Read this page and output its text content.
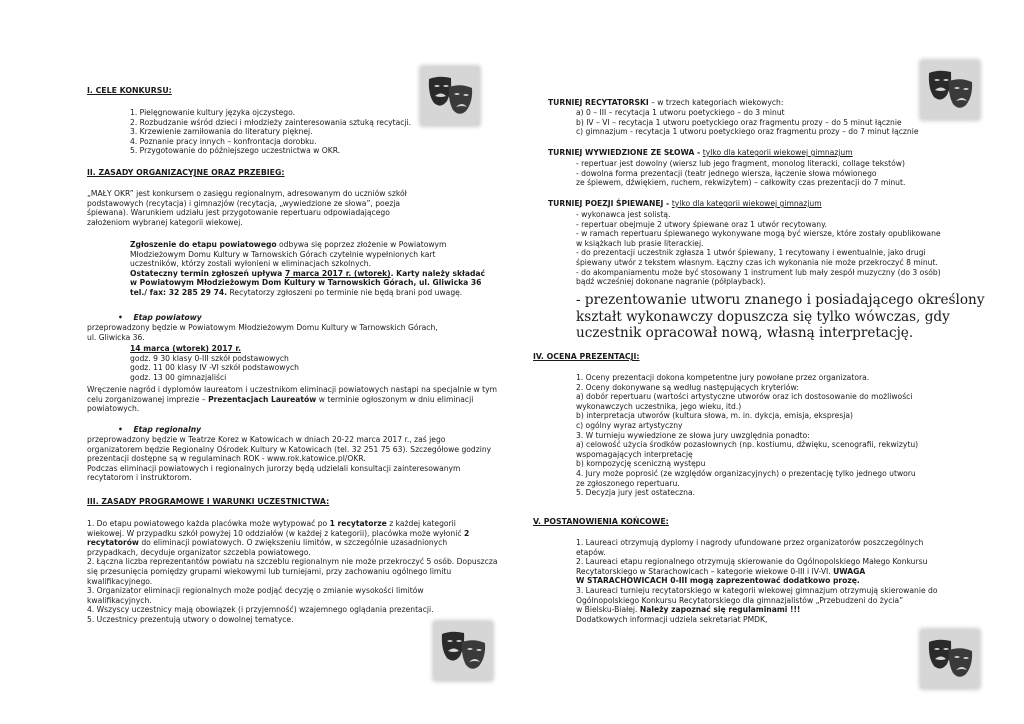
I. CELE KONKURSU:
1. Pielęgnowanie kultury języka ojczystego.
2. Rozbudzanie wśród dzieci i młodzieży zainteresowania sztuką recytacji.
3. Krzewienie zamiłowania do literatury pięknej.
4. Poznanie pracy innych – konfrontacja dorobku.
5. Przygotowanie do późniejszego uczestnictwa w OKR.
II. ZASADY ORGANIZACYJNE ORAZ PRZEBIEG:
„MAŁY OKR” jest konkursem o zasięgu regionalnym, adresowanym do uczniów szkół
podstawowych (recytacja) i gimnazjów (recytacja, „wywiedzione ze słowa”, poezja
śpiewana). Warunkiem udziału jest przygotowanie repertuaru odpowiadającego
założeniom wybranej kategorii wiekowej.
Zgłoszenie do etapu powiatowego odbywa się poprzez złożenie w Powiatowym
Młodzieżowym Domu Kultury w Tarnowskich Górach czytelnie wypełnionych kart
uczestników, którzy zostali wyłonieni w eliminacjach szkolnych.
Ostateczny termin zgłoszeń upływa 7 marca 2017 r. (wtorek). Karty należy składać
w Powiatowym Młodzieżowym Dom Kultury w Tarnowskich Górach, ul. Gliwicka 36
tel./ fax: 32 285 29 74. Recytatorzy zgłoszeni po terminie nie będą brani pod uwagę.
•    Etap powiatowy
przeprowadzony będzie w Powiatowym Młodzieżowym Domu Kultury w Tarnowskich Górach,
ul. Gliwicka 36.
14 marca (wtorek) 2017 r.
godz. 9 30 klasy 0-III szkół podstawowych
godz. 11 00 klasy IV -VI szkół podstawowych
godz. 13 00 gimnazjaliści
Wręczenie nagród i dyplomów laureatom i uczestnikom eliminacji powiatowych nastąpi na specjalnie w tym
celu zorganizowanej imprezie – Prezentacjach Laureatów w terminie ogłoszonym w dniu eliminacji
powiatowych.
•    Etap regionalny
przeprowadzony będzie w Teatrze Korez w Katowicach w dniach 20-22 marca 2017 r., zaś jego
organizatorem będzie Regionalny Ośrodek Kultury w Katowicach (tel. 32 251 75 63). Szczegółowe godziny
prezentacji dostępne są w regulaminach ROK - www.rok.katowice.pl/OKR.
Podczas eliminacji powiatowych i regionalnych jurorzy będą udzielali konsultacji zainteresowanym
recytatorom i instruktorom.
III. ZASADY PROGRAMOWE I WARUNKI UCZESTNICTWA:
1. Do etapu powiatowego każda placówka może wytypować po 1 recytatorze z każdej kategorii
wiekowej. W przypadku szkół powyżej 10 oddziałów (w każdej z kategorii), placówka może wyłonić 2
recytatorów do eliminacji powiatowych. O zwiększeniu limitów, w szczególnie uzasadnionych
przypadkach, decyduje organizator szczebla powiatowego.
2. Łączna liczba reprezentantów powiatu na szczeblu regionalnym nie może przekroczyć 5 osób. Dopuszcza
się przesunięcia pomiędzy grupami wiekowymi lub turniejami, przy zachowaniu ogólnego limitu
kwalifikacyjnego.
3. Organizator eliminacji regionalnych może podjąć decyzję o zmianie wysokości limitów
kwalifikacyjnych.
4. Wszyscy uczestnicy mają obowiązek (i przyjemność) wzajemnego oglądania prezentacji.
5. Uczestnicy prezentują utwory o dowolnej tematyce.
TURNIEJ RECYTATORSKI – w trzech kategoriach wiekowych:
a) 0 – III – recytacja 1 utworu poetyckiego – do 3 minut
b) IV – VI – recytacja 1 utworu poetyckiego oraz fragmentu prozy – do 5 minut łącznie
c) gimnazjum - recytacja 1 utworu poetyckiego oraz fragmentu prozy – do 7 minut łącznie
TURNIEJ WYWIEDZIONE ZE SŁOWA - tylko dla kategorii wiekowej gimnazjum
- repertuar jest dowolny (wiersz lub jego fragment, monolog literacki, collage tekstów)
- dowolna forma prezentacji (teatr jednego wiersza, łączenie słowa mówionego
ze śpiewem, dźwiękiem, ruchem, rekwizytem) – całkowity czas prezentacji do 7 minut.
TURNIEJ POEZJI ŚPIEWANEJ - tylko dla kategorii wiekowej gimnazjum
- wykonawca jest solistą.
- repertuar obejmuje 2 utwory śpiewane oraz 1 utwór recytowany.
- w ramach repertuaru śpiewanego wykonywane mogą być wiersze, które zostały opublikowane
w książkach lub prasie literackiej.
- do prezentacji uczestnik zgłasza 1 utwór śpiewany, 1 recytowany i ewentualnie, jako drugi
śpiewany utwór z tekstem własnym. Łączny czas ich wykonania nie może przekroczyć 8 minut.
- do akompaniamentu może być stosowany 1 instrument lub mały zespół muzyczny (do 3 osób)
bądź wcześniej dokonane nagranie (półplayback).
- prezentowanie utworu znanego i posiadającego określony
kształt wykonawczy dopuszcza się tylko wówczas, gdy
uczestnik opracował nową, własną interpretację.
IV. OCENA PREZENTACJI:
1. Oceny prezentacji dokona kompetentne jury powołane przez organizatora.
2. Oceny dokonywane są według następujących kryteriów:
a) dobór repertuaru (wartości artystyczne utworów oraz ich dostosowanie do możliwości
wykonawczych uczestnika, jego wieku, itd.)
b) interpretacja utworów (kultura słowa, m. in. dykcja, emisja, ekspresja)
c) ogólny wyraz artystyczny
3. W turnieju wywiedzione ze słowa jury uwzględnia ponadto:
a) celowość użycia środków pozasłownych (np. kostiumu, dźwięku, scenografii, rekwizytu)
wspomagających interpretację
b) kompozycję sceniczną występu
4. Jury może poprosić (ze względów organizacyjnych) o prezentację tylko jednego utworu
ze zgłoszonego repertuaru.
5. Decyzja jury jest ostateczna.
V. POSTANOWIENIA KOŃCOWE:
1. Laureaci otrzymują dyplomy i nagrody ufundowane przez organizatorów poszczególnych
etapów.
2. Laureaci etapu regionalnego otrzymują skierowanie do Ogólnopolskiego Małego Konkursu
Recytatorskiego w Starachowicach – kategorie wiekowe 0-III i IV-VI. UWAGA
W STARACHOWICACH 0-III mogą zaprezentować dodatkowo prozę.
3. Laureaci turnieju recytatorskiego w kategorii wiekowej gimnazjum otrzymują skierowanie do
Ogólnopolskiego Konkursu Recytatorskiego dla gimnazjalistów „Przebudzeni do życia”
w Bielsku-Białej. Należy zapoznać się regulaminami !!!
Dodatkowych informacji udziela sekretariat PMDK,
